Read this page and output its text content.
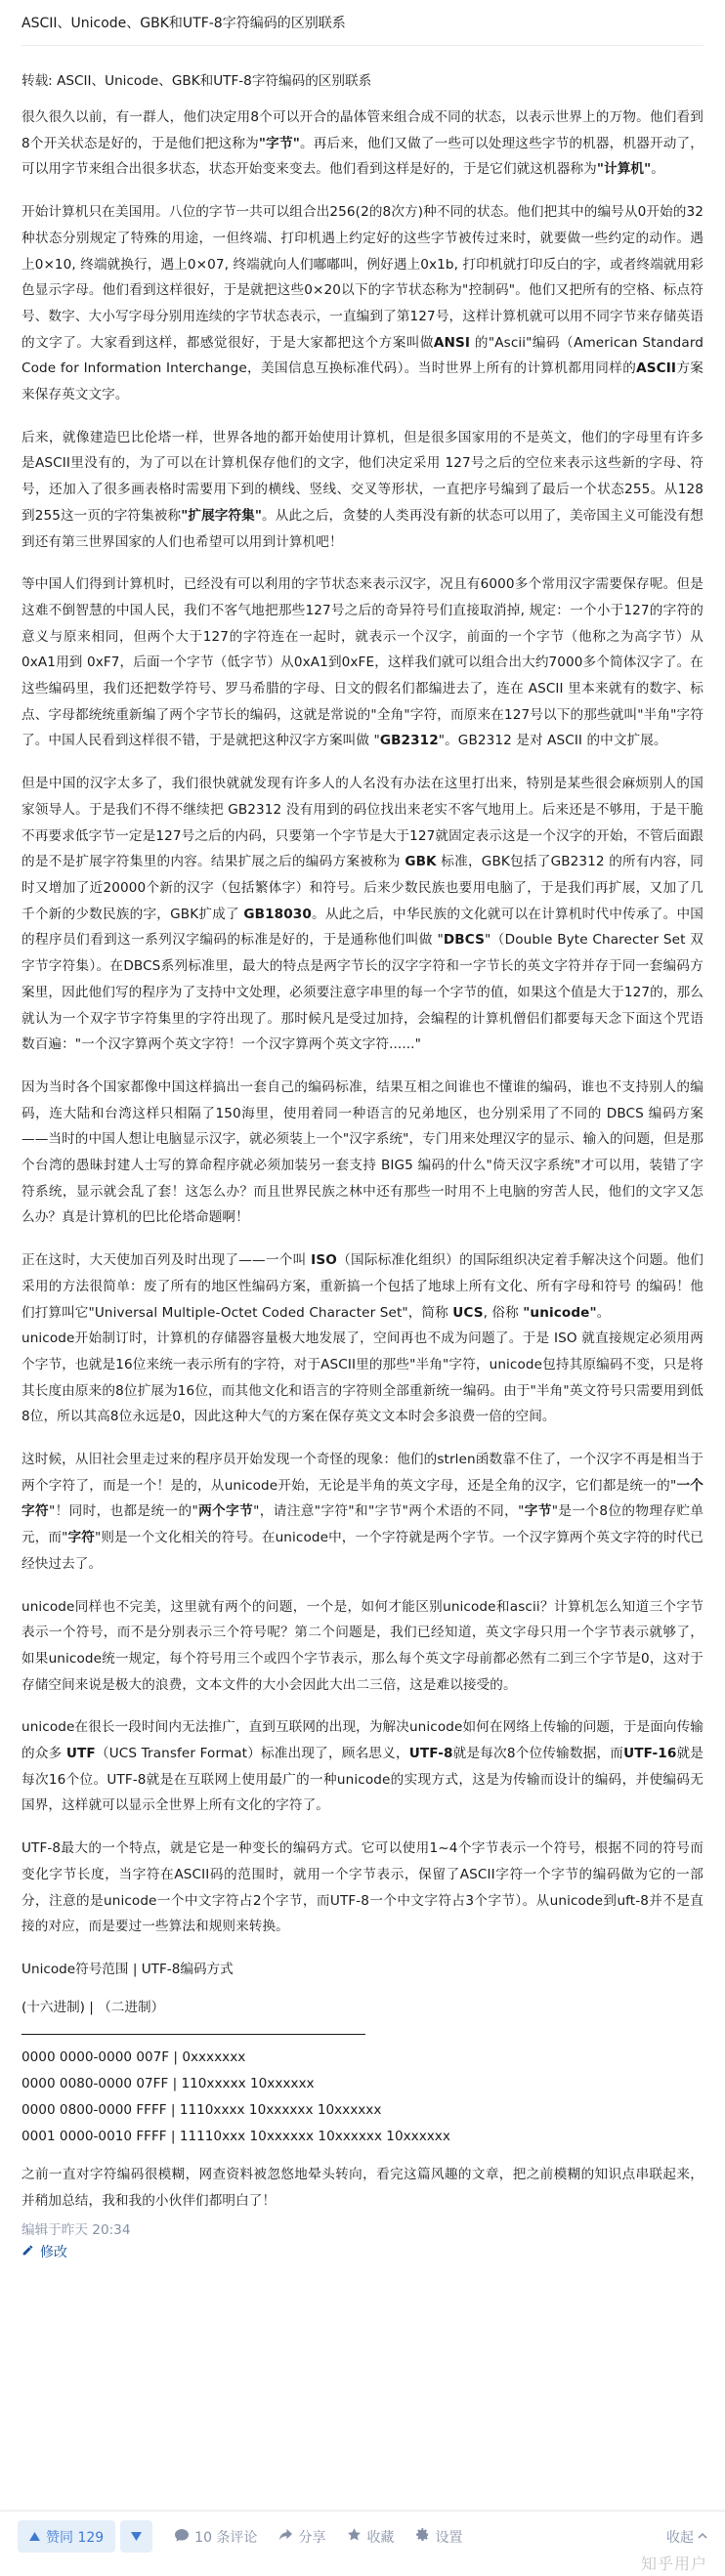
ASCII、Unicode、GBK和UTF-8字符编码的区别联系
转载: ASCII、Unicode、GBK和UTF-8字符编码的区别联系

很久很久以前，有一群人，他们决定用8个可以开合的晶体管来组合成不同的状态，以表示世界上的万物。他们看到8个开关状态是好的，于是他们把这称为"字节"。再后来，他们又做了一些可以处理这些字节的机器，机器开动了，可以用字节来组合出很多状态，状态开始变来变去。他们看到这样是好的，于是它们就这机器称为"计算机"。

开始计算机只在美国用。八位的字节一共可以组合出256(2的8次方)种不同的状态。他们把其中的编号从0开始的32种状态分别规定了特殊的用途，一但终端、打印机遇上约定好的这些字节被传过来时，就要做一些约定的动作。遇上0×10, 终端就换行，遇上0×07, 终端就向人们嘟嘟叫，例好遇上0x1b, 打印机就打印反白的字，或者终端就用彩色显示字母。他们看到这样很好，于是就把这些0×20以下的字节状态称为"控制码"。他们又把所有的空格、标点符号、数字、大小写字母分别用连续的字节状态表示，一直编到了第127号，这样计算机就可以用不同字节来存储英语的文字了。大家看到这样，都感觉很好，于是大家都把这个方案叫做ANSI 的"Ascii"编码（American Standard Code for Information Interchange，美国信息互换标准代码）。当时世界上所有的计算机都用同样的ASCII方案来保存英文文字。

后来，就像建造巴比伦塔一样，世界各地的都开始使用计算机，但是很多国家用的不是英文，他们的字母里有许多是ASCII里没有的，为了可以在计算机保存他们的文字，他们决定采用 127号之后的空位来表示这些新的字母、符号，还加入了很多画表格时需要用下到的横线、竖线、交叉等形状，一直把序号编到了最后一个状态255。从128 到255这一页的字符集被称"扩展字符集"。从此之后，贪婪的人类再没有新的状态可以用了，美帝国主义可能没有想到还有第三世界国家的人们也希望可以用到计算机吧！

等中国人们得到计算机时，已经没有可以利用的字节状态来表示汉字，况且有6000多个常用汉字需要保存呢。但是这难不倒智慧的中国人民，我们不客气地把那些127号之后的奇异符号们直接取消掉, 规定：一个小于127的字符的意义与原来相同，但两个大于127的字符连在一起时，就表示一个汉字，前面的一个字节（他称之为高字节）从0xA1用到 0xF7，后面一个字节（低字节）从0xA1到0xFE，这样我们就可以组合出大约7000多个简体汉字了。在这些编码里，我们还把数学符号、罗马希腊的字母、日文的假名们都编进去了，连在 ASCII 里本来就有的数字、标点、字母都统统重新编了两个字节长的编码，这就是常说的"全角"字符，而原来在127号以下的那些就叫"半角"字符了。中国人民看到这样很不错，于是就把这种汉字方案叫做 "GB2312"。GB2312 是对 ASCII 的中文扩展。

但是中国的汉字太多了，我们很快就就发现有许多人的人名没有办法在这里打出来，特别是某些很会麻烦别人的国家领导人。于是我们不得不继续把 GB2312 没有用到的码位找出来老实不客气地用上。后来还是不够用，于是干脆不再要求低字节一定是127号之后的内码，只要第一个字节是大于127就固定表示这是一个汉字的开始，不管后面跟的是不是扩展字符集里的内容。结果扩展之后的编码方案被称为 GBK 标准，GBK包括了GB2312 的所有内容，同时又增加了近20000个新的汉字（包括繁体字）和符号。后来少数民族也要用电脑了，于是我们再扩展，又加了几千个新的少数民族的字，GBK扩成了 GB18030。从此之后，中华民族的文化就可以在计算机时代中传承了。中国的程序员们看到这一系列汉字编码的标准是好的，于是通称他们叫做 "DBCS"（Double Byte Charecter Set 双字节字符集）。在DBCS系列标准里，最大的特点是两字节长的汉字字符和一字节长的英文字符并存于同一套编码方案里，因此他们写的程序为了支持中文处理，必须要注意字串里的每一个字节的值，如果这个值是大于127的，那么就认为一个双字节字符集里的字符出现了。那时候凡是受过加持，会编程的计算机僧侣们都要每天念下面这个咒语数百遍："一个汉字算两个英文字符！一个汉字算两个英文字符......"

因为当时各个国家都像中国这样搞出一套自己的编码标准，结果互相之间谁也不懂谁的编码，谁也不支持别人的编码，连大陆和台湾这样只相隔了150海里，使用着同一种语言的兄弟地区，也分别采用了不同的 DBCS 编码方案——当时的中国人想让电脑显示汉字，就必须装上一个"汉字系统"，专门用来处理汉字的显示、输入的问题，但是那个台湾的愚昧封建人士写的算命程序就必须加装另一套支持 BIG5 编码的什么"倚天汉字系统"才可以用，装错了字符系统，显示就会乱了套！这怎么办？而且世界民族之林中还有那些一时用不上电脑的穷苦人民，他们的文字又怎么办？真是计算机的巴比伦塔命题啊！

正在这时，大天使加百列及时出现了——一个叫 ISO（国际标准化组织）的国际组织决定着手解决这个问题。他们采用的方法很简单：废了所有的地区性编码方案，重新搞一个包括了地球上所有文化、所有字母和符号 的编码！他们打算叫它"Universal Multiple-Octet Coded Character Set"，简称 UCS, 俗称 "unicode"。
unicode开始制订时，计算机的存储器容量极大地发展了，空间再也不成为问题了。于是 ISO 就直接规定必须用两个字节，也就是16位来统一表示所有的字符，对于ASCII里的那些"半角"字符，unicode包持其原编码不变，只是将其长度由原来的8位扩展为16位，而其他文化和语言的字符则全部重新统一编码。由于"半角"英文符号只需要用到低8位，所以其高8位永远是0，因此这种大气的方案在保存英文文本时会多浪费一倍的空间。

这时候，从旧社会里走过来的程序员开始发现一个奇怪的现象：他们的strlen函数靠不住了，一个汉字不再是相当于两个字符了，而是一个！是的，从unicode开始，无论是半角的英文字母，还是全角的汉字，它们都是统一的"一个字符"！同时，也都是统一的"两个字节"，请注意"字符"和"字节"两个术语的不同，"字节"是一个8位的物理存贮单元，而"字符"则是一个文化相关的符号。在unicode中，一个字符就是两个字节。一个汉字算两个英文字符的时代已经快过去了。

unicode同样也不完美，这里就有两个的问题，一个是，如何才能区别unicode和ascii？计算机怎么知道三个字节表示一个符号，而不是分别表示三个符号呢？第二个问题是，我们已经知道，英文字母只用一个字节表示就够了，如果unicode统一规定，每个符号用三个或四个字节表示，那么每个英文字母前都必然有二到三个字节是0，这对于存储空间来说是极大的浪费，文本文件的大小会因此大出二三倍，这是难以接受的。

unicode在很长一段时间内无法推广，直到互联网的出现，为解决unicode如何在网络上传输的问题，于是面向传输的众多 UTF（UCS Transfer Format）标准出现了，顾名思义，UTF-8就是每次8个位传输数据，而UTF-16就是每次16个位。UTF-8就是在互联网上使用最广的一种unicode的实现方式，这是为传输而设计的编码，并使编码无国界，这样就可以显示全世界上所有文化的字符了。

UTF-8最大的一个特点，就是它是一种变长的编码方式。它可以使用1~4个字节表示一个符号，根据不同的符号而变化字节长度，当字符在ASCII码的范围时，就用一个字节表示，保留了ASCII字符一个字节的编码做为它的一部分，注意的是unicode一个中文字符占2个字节，而UTF-8一个中文字符占3个字节）。从unicode到uft-8并不是直接的对应，而是要过一些算法和规则来转换。

Unicode符号范围 | UTF-8编码方式
(十六进制) | （二进制）
0000 0000-0000 007F | 0xxxxxxx
0000 0080-0000 07FF | 110xxxxx 10xxxxxx
0000 0800-0000 FFFF | 1110xxxx 10xxxxxx 10xxxxxx
0001 0000-0010 FFFF | 11110xxx 10xxxxxx 10xxxxxx 10xxxxxx

之前一直对字符编码很模糊，网查资料被忽悠地晕头转向，看完这篇风趣的文章，把之前模糊的知识点串联起来，并稍加总结，我和我的小伙伴们都明白了！

编辑于昨天 20:34
修改
赞同 129	10 条评论	分享	收藏	设置	收起
知乎用户
